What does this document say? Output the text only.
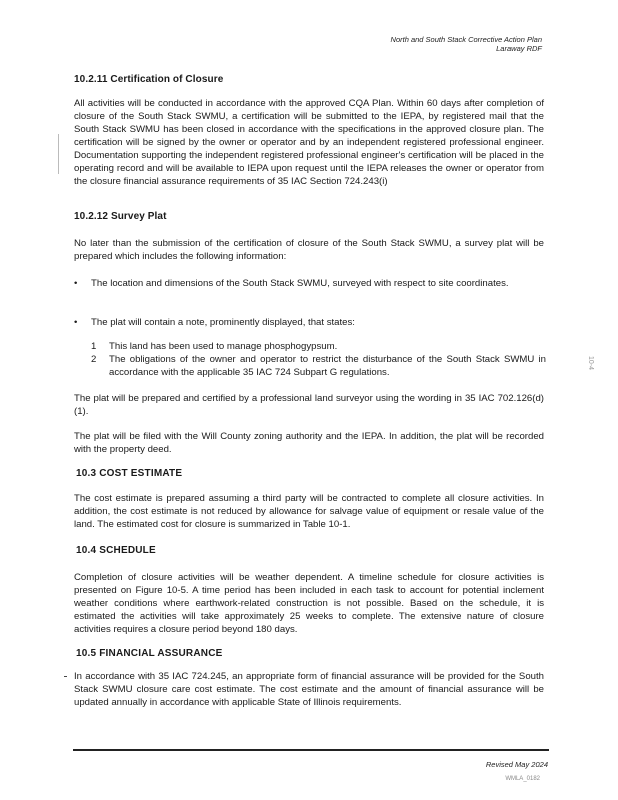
North and South Stack Corrective Action Plan
Laraway RDF
10.2.11 Certification of Closure
All activities will be conducted in accordance with the approved CQA Plan. Within 60 days after completion of closure of the South Stack SWMU, a certification will be submitted to the IEPA, by registered mail that the South Stack SWMU has been closed in accordance with the specifications in the approved closure plan. The certification will be signed by the owner or operator and by an independent registered professional engineer. Documentation supporting the independent registered professional engineer's certification will be placed in the operating record and will be available to IEPA upon request until the IEPA releases the owner or operator from the closure financial assurance requirements of 35 IAC Section 724.243(i)
10.2.12 Survey Plat
No later than the submission of the certification of closure of the South Stack SWMU, a survey plat will be prepared which includes the following information:
• The location and dimensions of the South Stack SWMU, surveyed with respect to site coordinates.
• The plat will contain a note, prominently displayed, that states:
1 This land has been used to manage phosphogypsum.
2 The obligations of the owner and operator to restrict the disturbance of the South Stack SWMU in accordance with the applicable 35 IAC 724 Subpart G regulations.
The plat will be prepared and certified by a professional land surveyor using the wording in 35 IAC 702.126(d)(1).
The plat will be filed with the Will County zoning authority and the IEPA. In addition, the plat will be recorded with the property deed.
10.3 COST ESTIMATE
The cost estimate is prepared assuming a third party will be contracted to complete all closure activities. In addition, the cost estimate is not reduced by allowance for salvage value of equipment or resale value of the land. The estimated cost for closure is summarized in Table 10-1.
10.4 SCHEDULE
Completion of closure activities will be weather dependent. A timeline schedule for closure activities is presented on Figure 10-5. A time period has been included in each task to account for potential inclement weather conditions where earthwork-related construction is not possible. Based on the schedule, it is estimated the activities will take approximately 25 weeks to complete. The extensive nature of closure activities requires a closure period beyond 180 days.
10.5 FINANCIAL ASSURANCE
In accordance with 35 IAC 724.245, an appropriate form of financial assurance will be provided for the South Stack SWMU closure care cost estimate. The cost estimate and the amount of financial assurance will be updated annually in accordance with applicable State of Illinois requirements.
10-4
Revised May 2024
WMLA_0182
